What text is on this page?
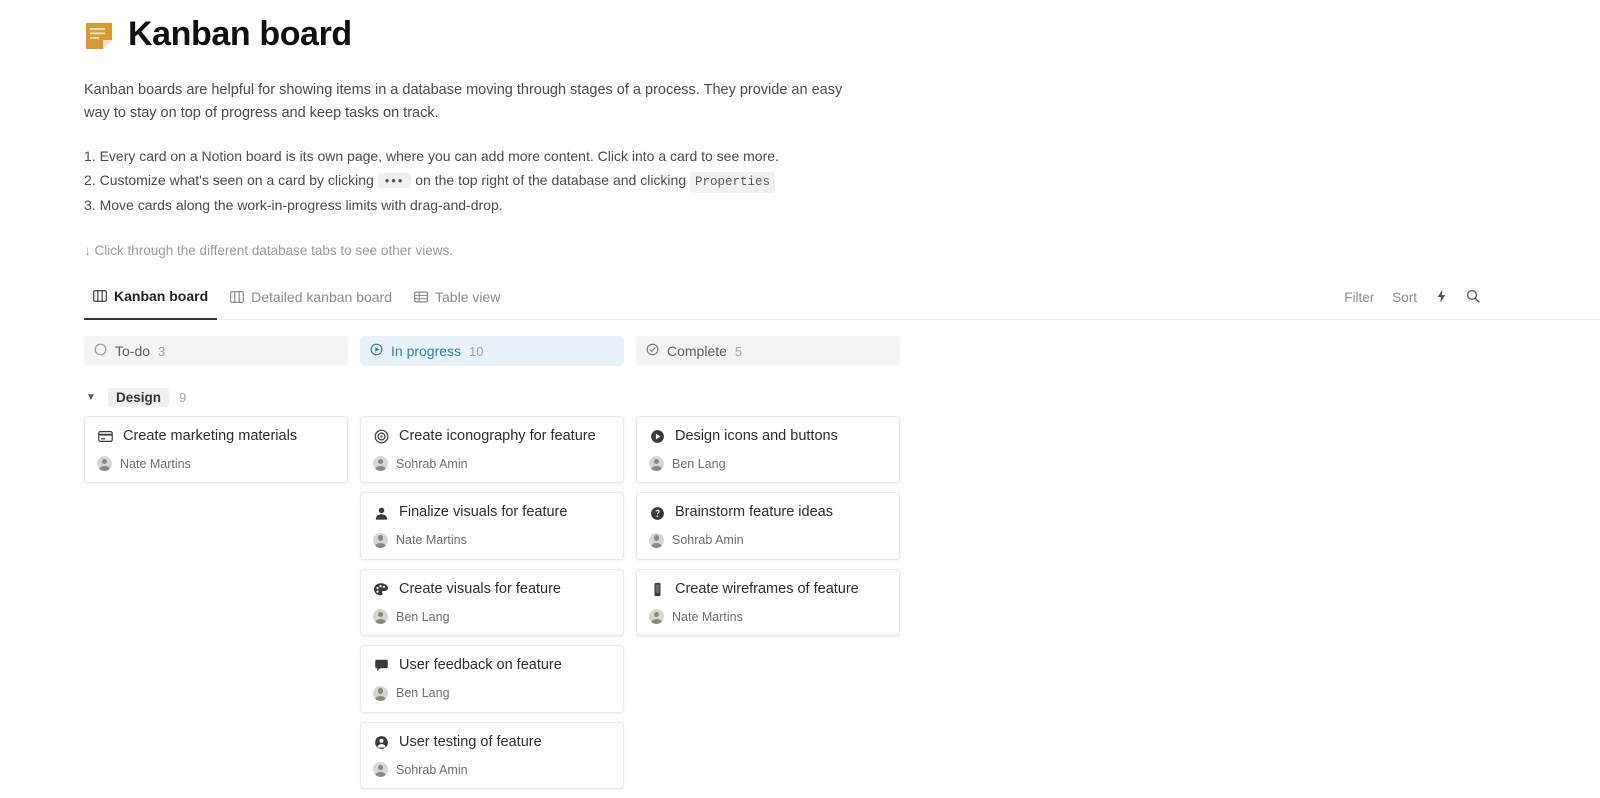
Kanban board
Kanban boards are helpful for showing items in a database moving through stages of a process. They provide an easy way to stay on top of progress and keep tasks on track.
1. Every card on a Notion board is its own page, where you can add more content. Click into a card to see more.
2. Customize what's seen on a card by clicking ••• on the top right of the database and clicking Properties
3. Move cards along the work-in-progress limits with drag-and-drop.
↓ Click through the different database tabs to see other views.
Kanban board	Detailed kanban board	Table view	Filter Sort
To-do 3	In progress 10	Complete 5
▼	Design	9
Create marketing materials
Nate Martins
Create iconography for feature
Sohrab Amin
Finalize visuals for feature
Nate Martins
Create visuals for feature
Ben Lang
User feedback on feature
Ben Lang
User testing of feature
Sohrab Amin
Design icons and buttons
Ben Lang
Brainstorm feature ideas
Sohrab Amin
Create wireframes of feature
Nate Martins
